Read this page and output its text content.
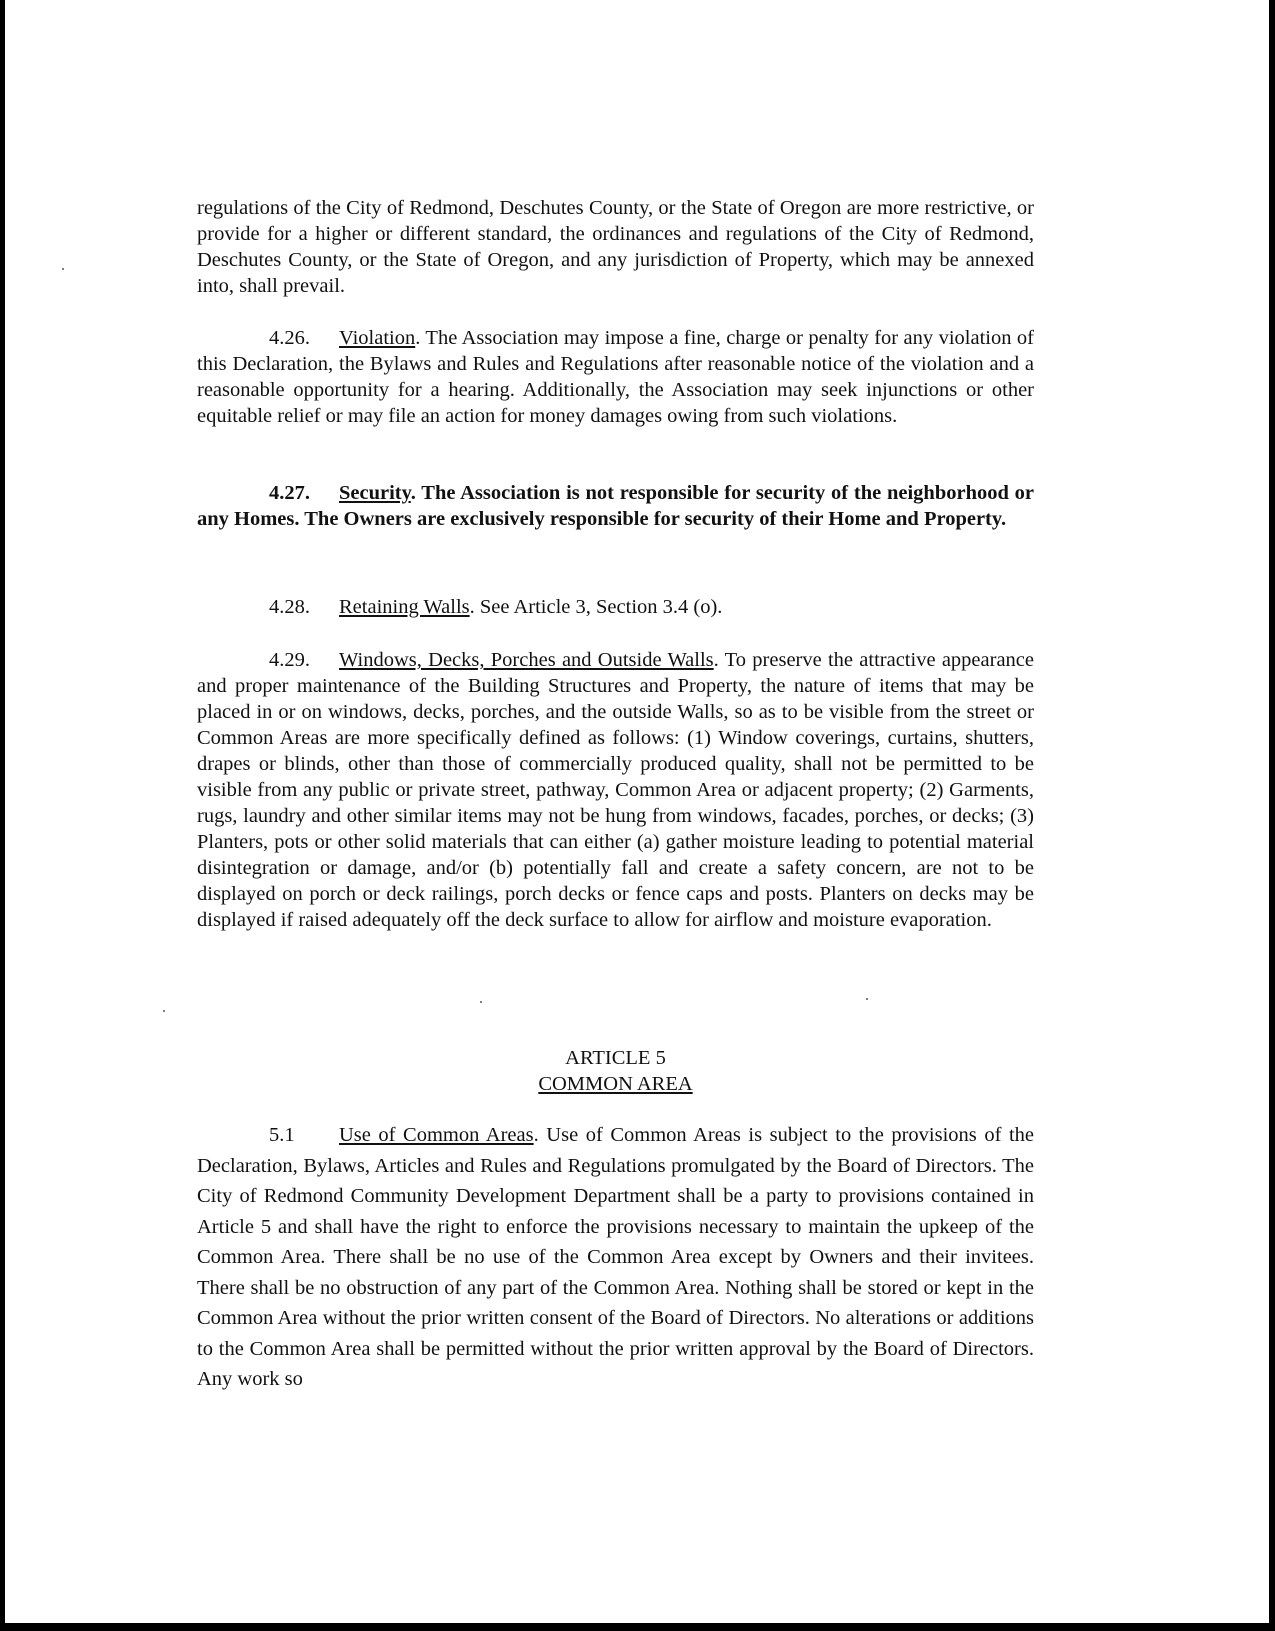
regulations of the City of Redmond, Deschutes County, or the State of Oregon are more restrictive, or provide for a higher or different standard, the ordinances and regulations of the City of Redmond, Deschutes County, or the State of Oregon, and any jurisdiction of Property, which may be annexed into, shall prevail.

4.26. Violation. The Association may impose a fine, charge or penalty for any violation of this Declaration, the Bylaws and Rules and Regulations after reasonable notice of the violation and a reasonable opportunity for a hearing. Additionally, the Association may seek injunctions or other equitable relief or may file an action for money damages owing from such violations.

4.27. Security. The Association is not responsible for security of the neighborhood or any Homes. The Owners are exclusively responsible for security of their Home and Property.

4.28. Retaining Walls. See Article 3, Section 3.4 (o).

4.29. Windows, Decks, Porches and Outside Walls. To preserve the attractive appearance and proper maintenance of the Building Structures and Property, the nature of items that may be placed in or on windows, decks, porches, and the outside Walls, so as to be visible from the street or Common Areas are more specifically defined as follows: (1) Window coverings, curtains, shutters, drapes or blinds, other than those of commercially produced quality, shall not be permitted to be visible from any public or private street, pathway, Common Area or adjacent property; (2) Garments, rugs, laundry and other similar items may not be hung from windows, facades, porches, or decks; (3) Planters, pots or other solid materials that can either (a) gather moisture leading to potential material disintegration or damage, and/or (b) potentially fall and create a safety concern, are not to be displayed on porch or deck railings, porch decks or fence caps and posts. Planters on decks may be displayed if raised adequately off the deck surface to allow for airflow and moisture evaporation.

ARTICLE 5
COMMON AREA

5.1 Use of Common Areas. Use of Common Areas is subject to the provisions of the Declaration, Bylaws, Articles and Rules and Regulations promulgated by the Board of Directors. The City of Redmond Community Development Department shall be a party to provisions contained in Article 5 and shall have the right to enforce the provisions necessary to maintain the upkeep of the Common Area. There shall be no use of the Common Area except by Owners and their invitees. There shall be no obstruction of any part of the Common Area. Nothing shall be stored or kept in the Common Area without the prior written consent of the Board of Directors. No alterations or additions to the Common Area shall be permitted without the prior written approval by the Board of Directors. Any work so
